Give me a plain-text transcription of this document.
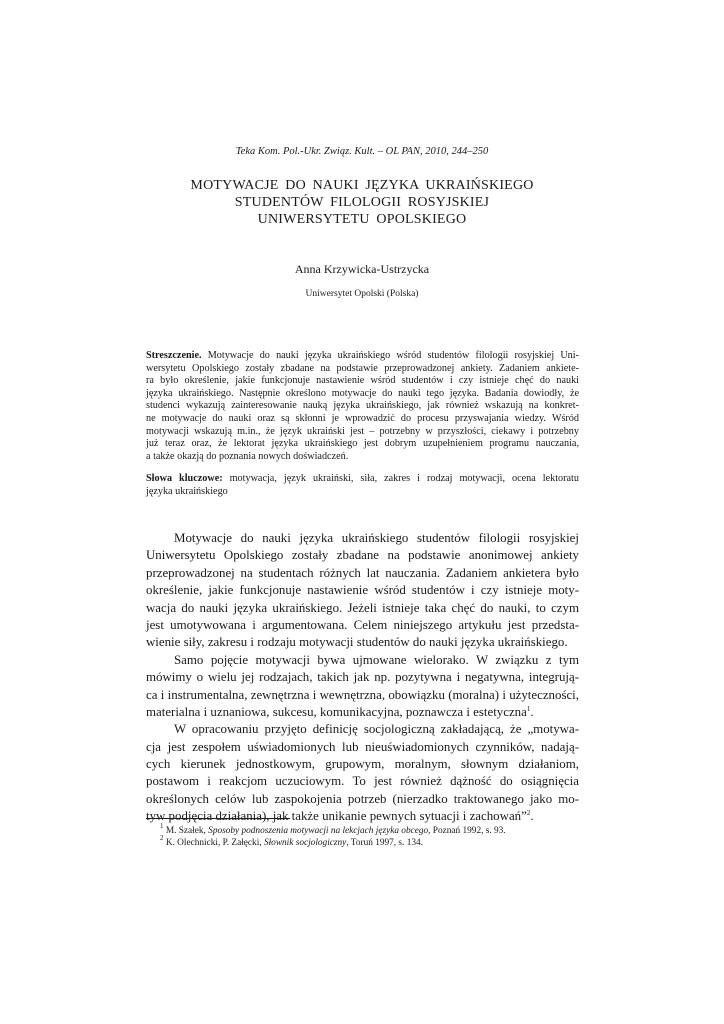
Teka Kom. Pol.-Ukr. Związ. Kult. – OL PAN, 2010, 244–250
MOTYWACJE DO NAUKI JĘZYKA UKRAIŃSKIEGO
STUDENTÓW FILOLOGII ROSYJSKIEJ
UNIWERSYTETU OPOLSKIEGO
Anna Krzywicka-Ustrzycka
Uniwersytet Opolski (Polska)
Streszczenie. Motywacje do nauki języka ukraińskiego wśród studentów filologii rosyjskiej Uni-
wersytetu Opolskiego zostały zbadane na podstawie przeprowadzonej ankiety. Zadaniem ankiete-
ra było określenie, jakie funkcjonuje nastawienie wśród studentów i czy istnieje chęć do nauki
języka ukraińskiego. Następnie określono motywacje do nauki tego języka. Badania dowiodły, że
studenci wykazują zainteresowanie nauką języka ukraińskiego, jak również wskazują na konkret-
ne motywacje do nauki oraz są skłonni je wprowadzić do procesu przyswajania wiedzy. Wśród
motywacji wskazują m.in., że język ukraiński jest – potrzebny w przyszłości, ciekawy i potrzebny
już teraz oraz, że lektorat języka ukraińskiego jest dobrym uzupełnieniem programu nauczania,
a także okazją do poznania nowych doświadczeń.
Słowa kluczowe: motywacja, język ukraiński, siła, zakres i rodzaj motywacji, ocena lektoratu
języka ukraińskiego
Motywacje do nauki języka ukraińskiego studentów filologii rosyjskiej
Uniwersytetu Opolskiego zostały zbadane na podstawie anonimowej ankiety
przeprowadzonej na studentach różnych lat nauczania. Zadaniem ankietera było
określenie, jakie funkcjonuje nastawienie wśród studentów i czy istnieje moty-
wacja do nauki języka ukraińskiego. Jeżeli istnieje taka chęć do nauki, to czym
jest umotywowana i argumentowana. Celem niniejszego artykułu jest przedsta-
wienie siły, zakresu i rodzaju motywacji studentów do nauki języka ukraińskiego.
Samo pojęcie motywacji bywa ujmowane wielorako. W związku z tym
mówimy o wielu jej rodzajach, takich jak np. pozytywna i negatywna, integrują-
ca i instrumentalna, zewnętrzna i wewnętrzna, obowiązku (moralna) i użyteczności,
materialna i uznaniowa, sukcesu, komunikacyjna, poznawcza i estetyczna$^1$.
W opracowaniu przyjęto definicję socjologiczną zakładającą, że „motywa-
cja jest zespołem uświadomionych lub nieuświadomionych czynników, nadają-
cych kierunek jednostkowym, grupowym, moralnym, słownym działaniom,
postawom i reakcjom uczuciowym. To jest również dążność do osiągnięcia
określonych celów lub zaspokojenia potrzeb (nierzadko traktowanego jako mo-
tyw podjęcia działania), jak także unikanie pewnych sytuacji i zachowań”$^2$.
$^1$ M. Szałek, Sposoby podnoszenia motywacji na lekcjach języka obcego, Poznań 1992, s. 93.
$^2$ K. Olechnicki, P. Załęcki, Słownik socjologiczny, Toruń 1997, s. 134.
